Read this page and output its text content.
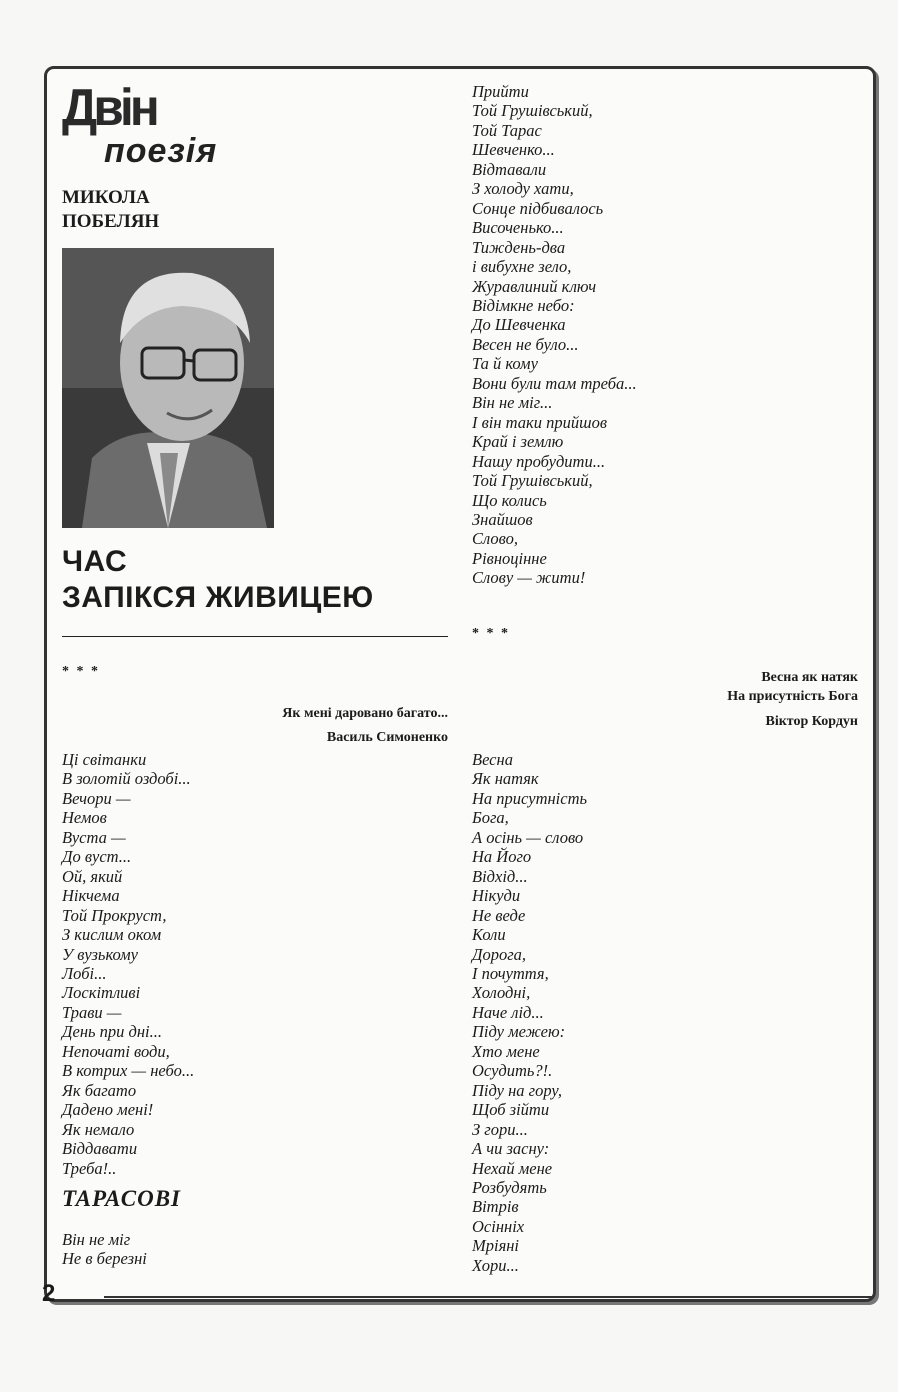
Двін
поезія
МИКОЛА
ПОБЕЛЯН
ЧАС
ЗАПІКСЯ ЖИВИЦЕЮ
* * *
Як мені даровано багато...
Василь Симоненко
Ці світанки
В золотій оздобі...
Вечори —
Немов
Вуста —
До вуст...
Ой, який
Нікчема
Той Прокруст,
З кислим оком
У вузькому
Лобі...
Лоскітливі
Трави —
День при дні...
Непочаті води,
В котрих — небо...
Як багато
Дадено мені!
Як немало
Віддавати
Треба!..
ТАРАСОВІ
Він не міг
Не в березні
Прийти
Той Грушівський,
Той Тарас
Шевченко...
Відтавали
З холоду хати,
Сонце підбивалось
Височенько...
Тиждень-два
і вибухне зело,
Журавлиний ключ
Відімкне небо:
До Шевченка
Весен не було...
Та й кому
Вони були там треба...
Він не міг...
І він таки прийшов
Край і землю
Нашу пробудити...
Той Грушівський,
Що колись
Знайшов
Слово,
Рівноцінне
Слову — жити!
* * *
Весна як натяк
На присутність Бога
Віктор Кордун
Весна
Як натяк
На присутність
Бога,
А осінь — слово
На Його
Відхід...
Нікуди
Не веде
Коли
Дорога,
І почуття,
Холодні,
Наче лід...
Піду межею:
Хто мене
Осудить?!.
Піду на гору,
Щоб зійти
З гори...
А чи засну:
Нехай мене
Розбудять
Вітрів
Осінніх
Мріяні
Хори...
2
